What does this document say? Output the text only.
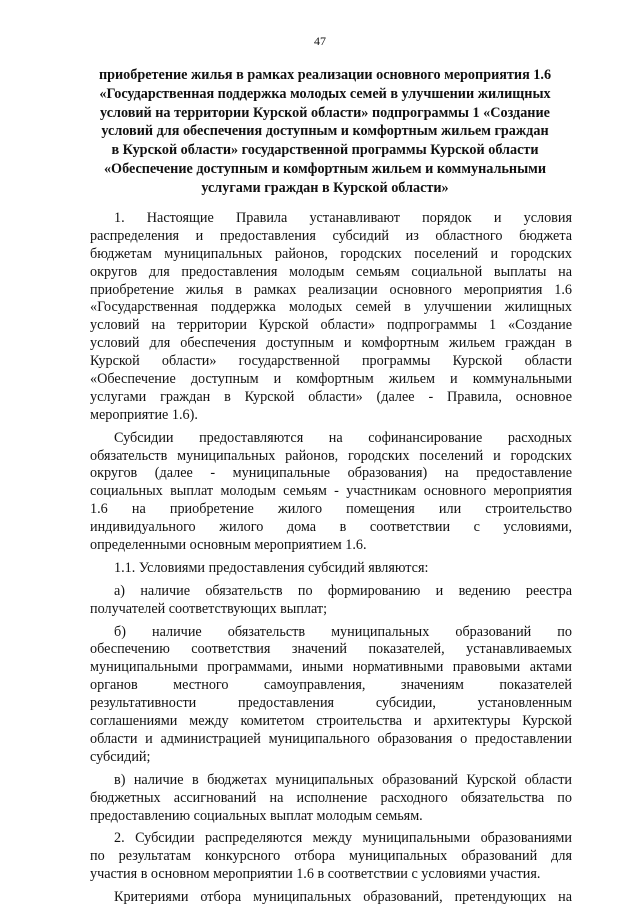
47
приобретение жилья в рамках реализации основного мероприятия 1.6
«Государственная поддержка молодых семей в улучшении жилищных
условий на территории Курской области» подпрограммы 1 «Создание
условий для обеспечения доступным и комфортным жильем граждан
в Курской области» государственной программы Курской области
«Обеспечение доступным и комфортным жильем и коммунальными
услугами граждан в Курской области»
1. Настоящие Правила устанавливают порядок и условия
распределения и предоставления субсидий из областного бюджета
бюджетам муниципальных районов, городских поселений и городских
округов для предоставления молодым семьям социальной выплаты на
приобретение жилья в рамках реализации основного мероприятия 1.6
«Государственная поддержка молодых семей в улучшении жилищных
условий на территории Курской области» подпрограммы 1 «Создание
условий для обеспечения доступным и комфортным жильем граждан в
Курской области» государственной программы Курской области
«Обеспечение доступным и комфортным жильем и коммунальными
услугами граждан в Курской области» (далее - Правила, основное
мероприятие 1.6).
Субсидии предоставляются на софинансирование расходных
обязательств муниципальных районов, городских поселений и городских
округов (далее - муниципальные образования) на предоставление
социальных выплат молодым семьям - участникам основного мероприятия
1.6 на приобретение жилого помещения или строительство
индивидуального жилого дома в соответствии с условиями,
определенными основным мероприятием 1.6.
1.1. Условиями предоставления субсидий являются:
а) наличие обязательств по формированию и ведению реестра
получателей соответствующих выплат;
б) наличие обязательств муниципальных образований по
обеспечению соответствия значений показателей, устанавливаемых
муниципальными программами, иными нормативными правовыми актами
органов местного самоуправления, значениям показателей
результативности предоставления субсидии, установленным
соглашениями между комитетом строительства и архитектуры Курской
области и администрацией муниципального образования о предоставлении
субсидий;
в) наличие в бюджетах муниципальных образований Курской области
бюджетных ассигнований на исполнение расходного обязательства по
предоставлению социальных выплат молодым семьям.
2. Субсидии распределяются между муниципальными образованиями
по результатам конкурсного отбора муниципальных образований для
участия в основном мероприятии 1.6 в соответствии с условиями участия.
Критериями отбора муниципальных образований, претендующих на
